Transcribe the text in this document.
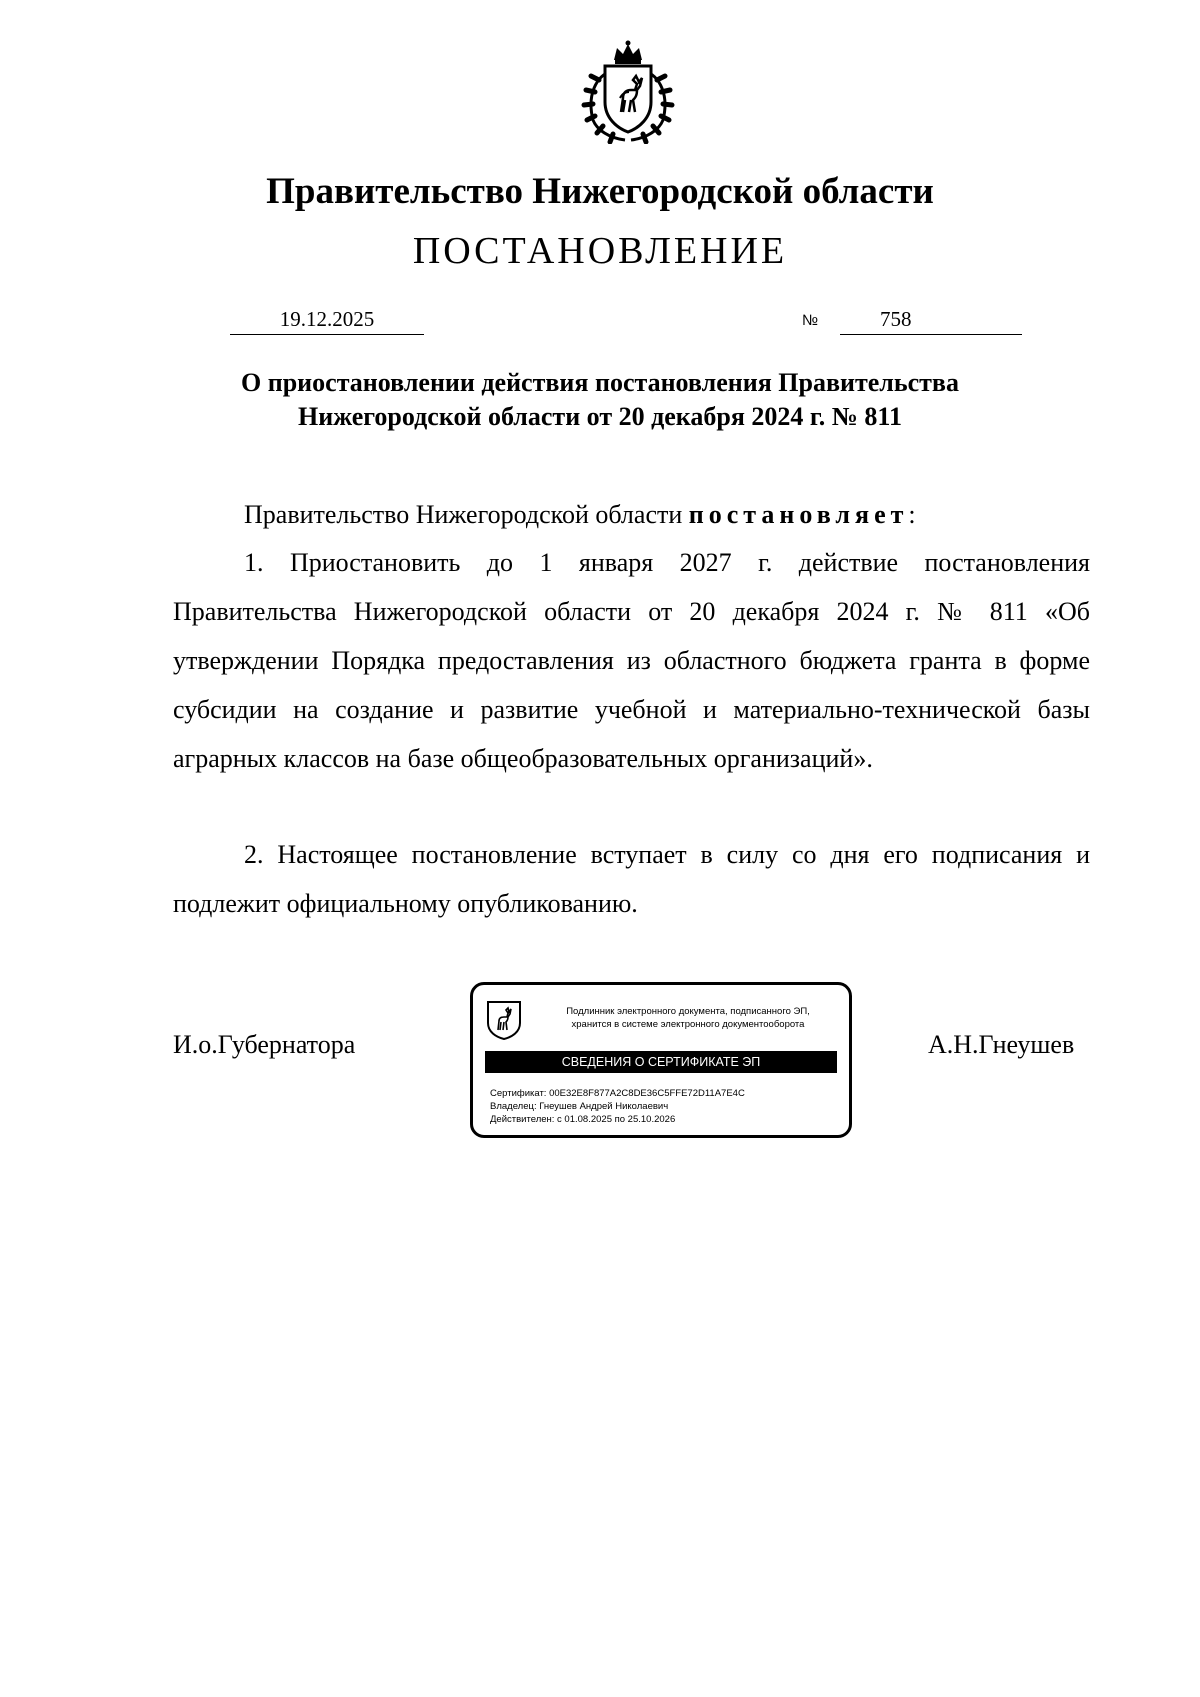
Правительство Нижегородской области
ПОСТАНОВЛЕНИЕ
19.12.2025	№	758
О приостановлении действия постановления Правительства
Нижегородской области от 20 декабря 2024 г. № 811
Правительство Нижегородской области постановляет:
1. Приостановить до 1 января 2027 г. действие постановления Правительства Нижегородской области от 20 декабря 2024 г. № 811 «Об утверждении Порядка предоставления из областного бюджета гранта в форме субсидии на создание и развитие учебной и материально-технической базы аграрных классов на базе общеобразовательных организаций».
2. Настоящее постановление вступает в силу со дня его подписания и подлежит официальному опубликованию.
И.о.Губернатора	А.Н.Гнеушев
Подлинник электронного документа, подписанного ЭП,
хранится в системе электронного документооборота
СВЕДЕНИЯ О СЕРТИФИКАТЕ ЭП
Сертификат: 00E32E8F877A2C8DE36C5FFE72D11A7E4C
Владелец: Гнеушев Андрей Николаевич
Действителен: с 01.08.2025 по 25.10.2026
